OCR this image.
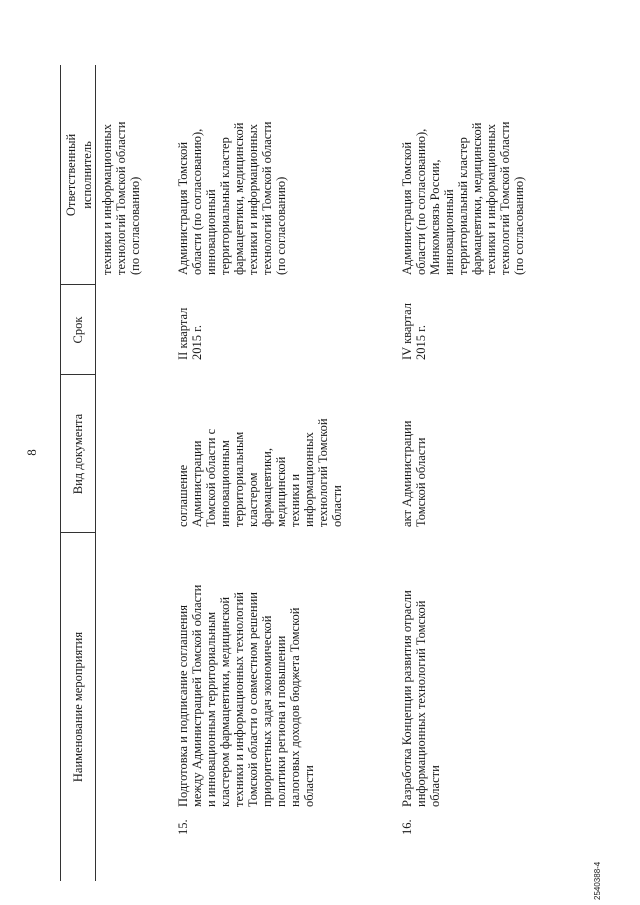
8
Наименование мероприятия
Вид документа
Срок
Ответственный
исполнитель
техники и информационных
технологий Томской области
(по согласованию)
15.
Подготовка и подписание соглашения
между Администрацией Томской области
и инновационным территориальным
кластером фармацевтики, медицинской
техники и информационных технологий
Томской области о совместном решении
приоритетных задач экономической
политики региона и повышении
налоговых доходов бюджета Томской
области
соглашение
Администрации
Томской области с
инновационным
территориальным
кластером
фармацевтики,
медицинской
техники и
информационных
технологий Томской
области
II квартал
2015 г.
Администрация Томской
области (по согласованию),
инновационный
территориальный кластер
фармацевтики, медицинской
техники и информационных
технологий Томской области
(по согласованию)
16.
Разработка Концепции развития отрасли
информационных технологий Томской
области
акт Администрации
Томской области
IV квартал
2015 г.
Администрация Томской
области (по согласованию),
Минкомсвязь России,
инновационный
территориальный кластер
фармацевтики, медицинской
техники и информационных
технологий Томской области
(по согласованию)
2540388-4
